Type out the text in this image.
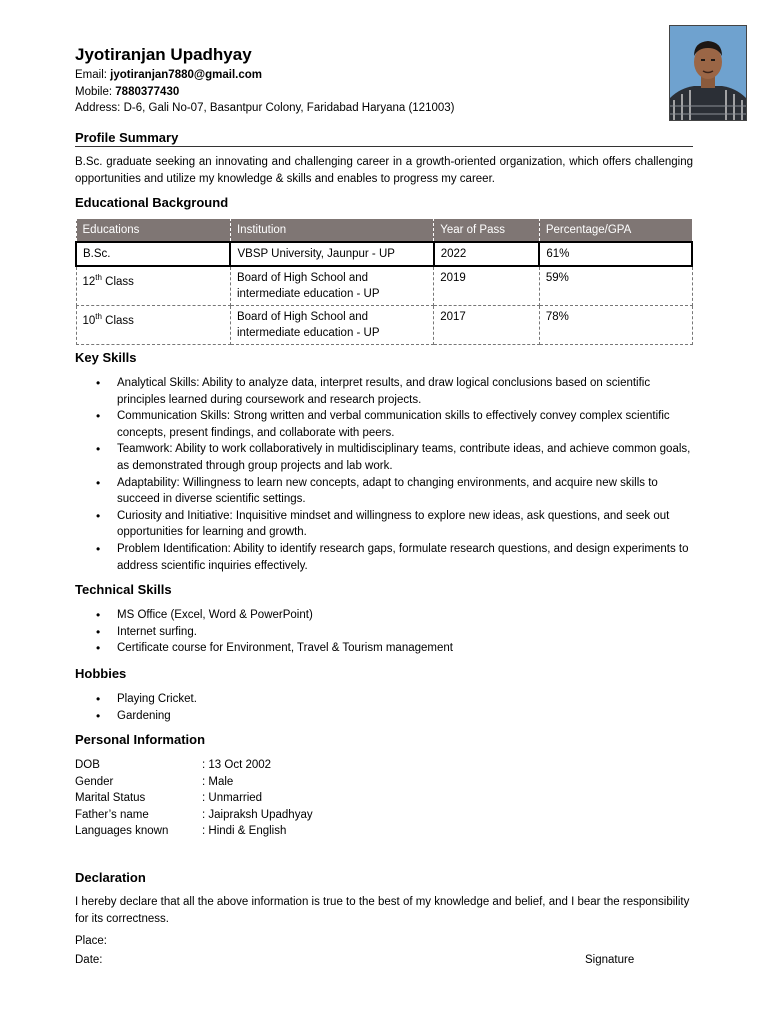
Jyotiranjan Upadhyay
Email: jyotiranjan7880@gmail.com
Mobile: 7880377430
Address: D-6, Gali No-07, Basantpur Colony, Faridabad Haryana (121003)
Profile Summary
B.Sc. graduate seeking an innovating and challenging career in a growth-oriented organization, which offers challenging opportunities and utilize my knowledge & skills and enables to progress my career.
Educational Background
Educations	Institution	Year of Pass	Percentage/GPA
B.Sc.	VBSP University, Jaunpur - UP	2022	61%
12th Class	Board of High School and intermediate education - UP	2019	59%
10th Class	Board of High School and intermediate education - UP	2017	78%
Key Skills
• Analytical Skills: Ability to analyze data, interpret results, and draw logical conclusions based on scientific principles learned during coursework and research projects.
• Communication Skills: Strong written and verbal communication skills to effectively convey complex scientific concepts, present findings, and collaborate with peers.
• Teamwork: Ability to work collaboratively in multidisciplinary teams, contribute ideas, and achieve common goals, as demonstrated through group projects and lab work.
• Adaptability: Willingness to learn new concepts, adapt to changing environments, and acquire new skills to succeed in diverse scientific settings.
• Curiosity and Initiative: Inquisitive mindset and willingness to explore new ideas, ask questions, and seek out opportunities for learning and growth.
• Problem Identification: Ability to identify research gaps, formulate research questions, and design experiments to address scientific inquiries effectively.
Technical Skills
• MS Office (Excel, Word & PowerPoint)
• Internet surfing.
• Certificate course for Environment, Travel & Tourism management
Hobbies
• Playing Cricket.
• Gardening
Personal Information
DOB	: 13 Oct 2002
Gender	: Male
Marital Status	: Unmarried
Father’s name	: Jaipraksh Upadhyay
Languages known	: Hindi & English
Declaration
I hereby declare that all the above information is true to the best of my knowledge and belief, and I bear the responsibility for its correctness.
Place:
Date:	Signature
